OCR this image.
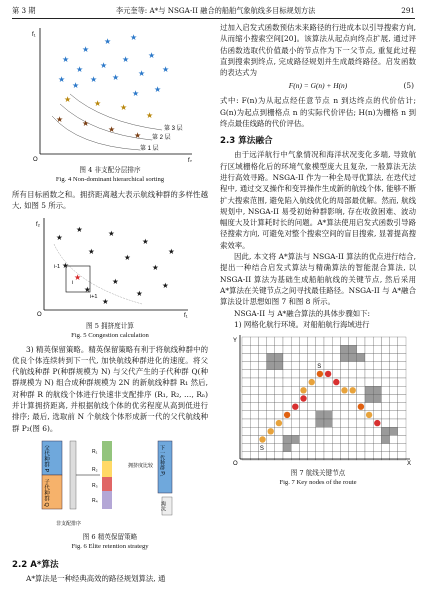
第 3 期	李元奎等: A*与 NSGA-II 融合的船舶气象航线多目标规划方法	291
f₁
f₂
O
★
★
★ ★
★ ★
★ ★
★	★ ★ ★ ★
★
★ ★
★	★ ★
★
★ ★
★
★
第 3 层
第 2 层
第 1 层
图 4 非支配分层排序
Fig. 4 Non-dominant hierarchical sorting

所有目标函数之和。拥挤距离越大表示航线种群的多样性越大, 如图 5 所示。

f₂
f₁
O
★
★	★
★
★
★
★
★
★
★
★
★
★
★
★
i-1
i
i+1
图 5 拥挤度计算
Fig. 5 Congestion calculation

3) 精英保留策略。精英保留策略有利于将航线种群中的优良个体连续转到下一代, 加快航线种群进化的速度。将父代航线种群 P(种群规模为 N) 与父代产生的子代种群 Q(种群规模为 N) 组合成种群规模为 2N 的新航线种群 R₁ 然后, 对种群 R 的航线个体进行快速非支配排序 (R₁, R₂, …, Rₙ) 并计算拥挤距离, 并根据航线个体的优劣程度从高到低进行排序; 最后, 选取前 N 个航线个体形成新一代的父代航线种群 P₂(图 6)。

父代种群 P
子代种群 Q
非支配排序
R₁
R₂
R₃
R₄
拥挤度比较 下一代种群 P₁
淘汰
图 6 精英保留策略
Fig. 6 Elite retention strategy
2.2 A*算法

A*算法是一种经典高效的路径规划算法, 通

过加入启发式函数预估未来路径的行进成本以引导搜索方向, 从而缩小搜索空间[20]。该算法从起点向终点扩展, 通过评估函数选取代价值最小的节点作为下一父节点, 重复此过程直到搜索到终点, 完成路径规划并生成最终路径。启发函数的表达式为

F(n) = G(n) + H(n)	(5)

式中: F(n)为从起点经任意节点 n 到达终点的代价估计; G(n)为起点到栅格点 n 的实际代价评估; H(n)为栅格 n 到终点最佳线路的代价评估。

2.3 算法融合

由于远洋航行中气象情况和海洋状况变化多端, 导致航行区域栅格化后的环境气象模型庞大且复杂, 一般算法无法进行高效寻路。NSGA-II 作为一种全局寻优算法, 在迭代过程中, 通过交叉操作和变异操作生成新的航线个体, 能够不断扩大搜索范围, 避免陷入航线优化的局部最优解。然而, 航线规划中, NSGA-II 易受初始种群影响, 存在收敛困难、波动幅度大及计算耗时长的问题。A*算法使用启发式函数引导路径搜索方向, 可避免对整个搜索空间的盲目搜索, 显著提高搜索效率。

因此, 本文将 A*算法与 NSGA-II 算法的优点进行结合, 提出一种结合启发式算法与精确算法的智能混合算法, 以 NSGA-II 算法为基础生成船舶航线的关键节点, 然后采用 A*算法在关键节点之间寻找最佳路径。NSGA-II 与 A*融合算法设计思想如图 7 和图 8 所示。

NSGA-II 与 A*融合算法的具体步骤如下:

1) 网格化航行环境。对船舶航行海域进行

Y
X
O
S
S
图 7 航线关键节点
Fig. 7 Key nodes of the route
